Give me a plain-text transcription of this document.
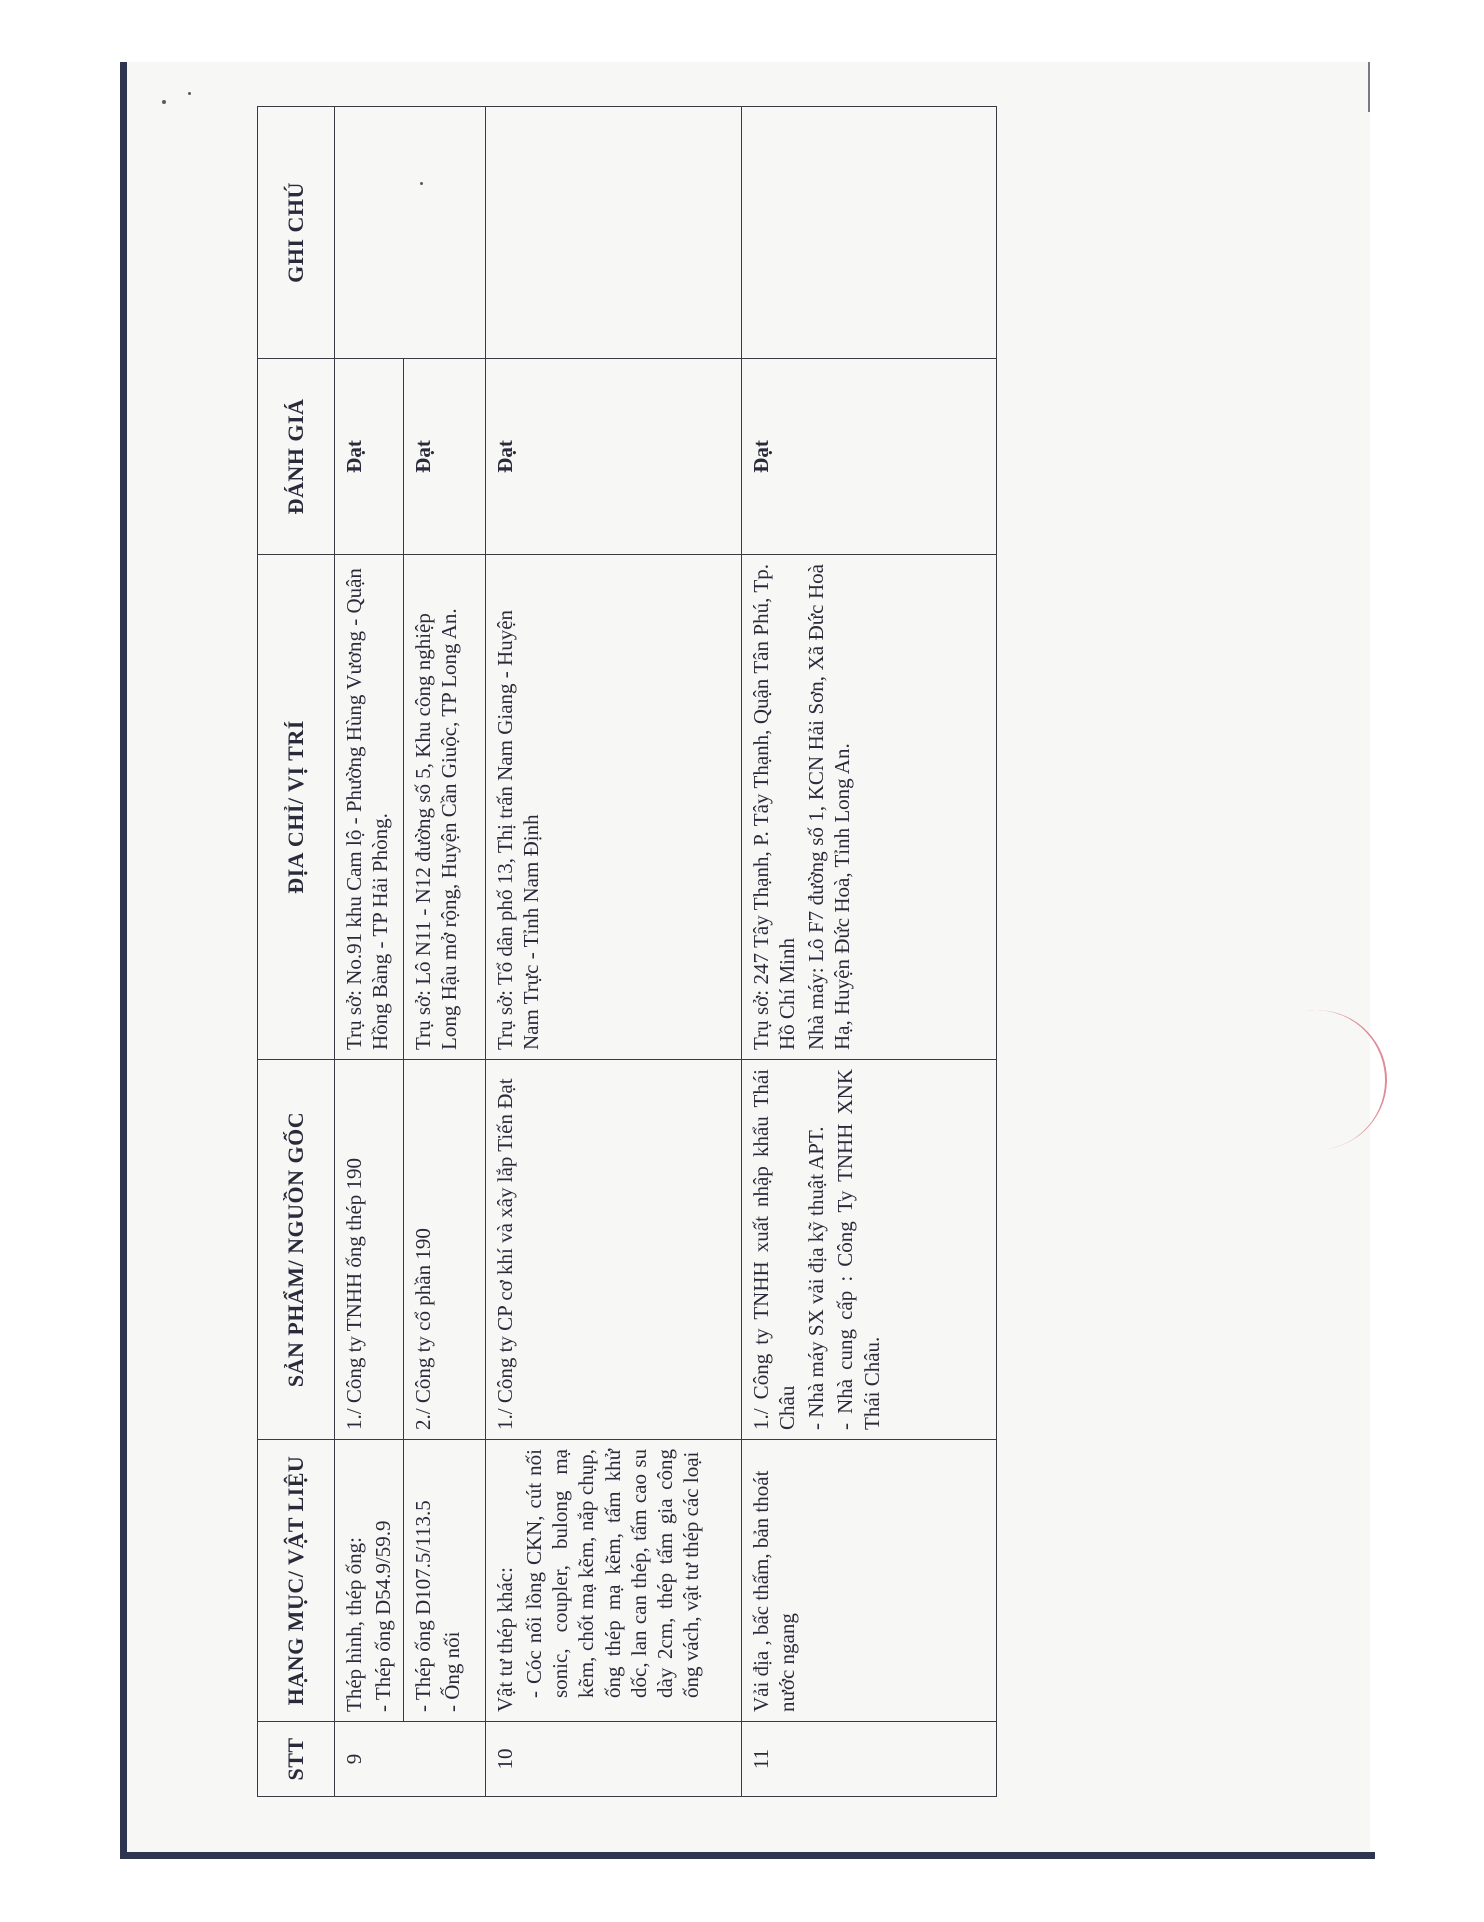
STT	HẠNG MỤC/ VẬT LIỆU	SẢN PHẨM/ NGUỒN GỐC	ĐỊA CHỈ/ VỊ TRÍ	ĐÁNH GIÁ	GHI CHÚ
9	Thép hình, thép ống: - Thép ống D54.9/59.9	1./ Công ty TNHH ống thép 190	Trụ sở: No.91 khu Cam lộ - Phường Hùng Vương - Quận Hồng Bàng - TP Hải Phòng.	Đạt	

	- Thép ống D107.5/113.5 - Ống nối	2./ Công ty cổ phần 190	Trụ sở: Lô N11 - N12 đường số 5, Khu công nghiệp Long Hậu mở rộng, Huyện Cần Giuộc, TP Long An.	Đạt	
10	Vật tư thép khác: - Cóc nối lồng CKN, cút nối sonic, coupler, bulong mạ kẽm, chốt mạ kẽm, nắp chụp, ống thép mạ kẽm, tấm khử dốc, lan can thép, tấm cao su dày 2cm, thép tấm gia công ống vách, vật tư thép các loại	1./ Công ty CP cơ khí và xây lắp Tiến Đạt	Trụ sở: Tổ dân phố 13, Thị trấn Nam Giang - Huyện Nam Trực - Tỉnh Nam Định	Đạt	
11	Vải địa , bấc thấm, bản thoát nước ngang	1./ Công ty TNHH xuất nhập khẩu Thái Châu - Nhà máy SX vải địa kỹ thuật APT. - Nhà cung cấp : Công Ty TNHH XNK Thái Châu.	Trụ sở: 247 Tây Thạnh, P. Tây Thạnh, Quận Tân Phú, Tp. Hồ Chí Minh Nhà máy: Lô F7 đường số 1, KCN Hải Sơn, Xã Đức Hoà Hạ, Huyện Đức Hoà, Tỉnh Long An.	Đạt	
